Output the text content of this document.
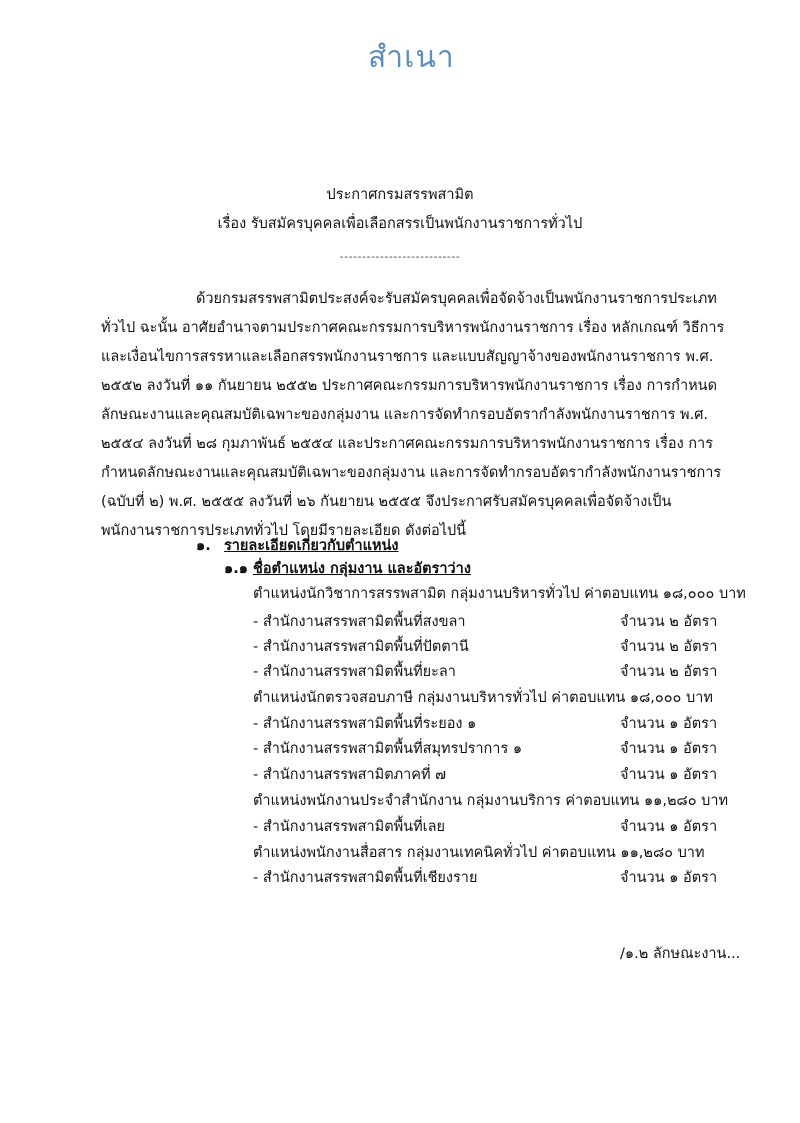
สำเนา
ประกาศกรมสรรพสามิต
เรื่อง รับสมัครบุคคลเพื่อเลือกสรรเป็นพนักงานราชการทั่วไป
---------------------------
ด้วยกรมสรรพสามิตประสงค์จะรับสมัครบุคคลเพื่อจัดจ้างเป็นพนักงานราชการประเภท
ทั่วไป ฉะนั้น อาศัยอำนาจตามประกาศคณะกรรมการบริหารพนักงานราชการ เรื่อง หลักเกณฑ์ วิธีการ
และเงื่อนไขการสรรหาและเลือกสรรพนักงานราชการ และแบบสัญญาจ้างของพนักงานราชการ พ.ศ.
๒๕๕๒ ลงวันที่ ๑๑ กันยายน ๒๕๕๒ ประกาศคณะกรรมการบริหารพนักงานราชการ เรื่อง การกำหนด
ลักษณะงานและคุณสมบัติเฉพาะของกลุ่มงาน และการจัดทำกรอบอัตรากำลังพนักงานราชการ พ.ศ.
๒๕๕๔ ลงวันที่ ๒๘ กุมภาพันธ์ ๒๕๕๔ และประกาศคณะกรรมการบริหารพนักงานราชการ เรื่อง การ
กำหนดลักษณะงานและคุณสมบัติเฉพาะของกลุ่มงาน และการจัดทำกรอบอัตรากำลังพนักงานราชการ
(ฉบับที่ ๒) พ.ศ. ๒๕๕๕ ลงวันที่ ๒๖ กันยายน ๒๕๕๕ จึงประกาศรับสมัครบุคคลเพื่อจัดจ้างเป็น
พนักงานราชการประเภททั่วไป โดยมีรายละเอียด ดังต่อไปนี้
๑. รายละเอียดเกี่ยวกับตำแหน่ง
๑.๑ ชื่อตำแหน่ง กลุ่มงาน และอัตราว่าง
ตำแหน่งนักวิชาการสรรพสามิต กลุ่มงานบริหารทั่วไป ค่าตอบแทน ๑๘,๐๐๐ บาท
- สำนักงานสรรพสามิตพื้นที่สงขลา	จำนวน ๒ อัตรา
- สำนักงานสรรพสามิตพื้นที่ปัตตานี	จำนวน ๒ อัตรา
- สำนักงานสรรพสามิตพื้นที่ยะลา	จำนวน ๒ อัตรา
ตำแหน่งนักตรวจสอบภาษี กลุ่มงานบริหารทั่วไป ค่าตอบแทน ๑๘,๐๐๐ บาท
- สำนักงานสรรพสามิตพื้นที่ระยอง ๑	จำนวน ๑ อัตรา
- สำนักงานสรรพสามิตพื้นที่สมุทรปราการ ๑	จำนวน ๑ อัตรา
- สำนักงานสรรพสามิตภาคที่ ๗	จำนวน ๑ อัตรา
ตำแหน่งพนักงานประจำสำนักงาน กลุ่มงานบริการ ค่าตอบแทน ๑๑,๒๘๐ บาท
- สำนักงานสรรพสามิตพื้นที่เลย	จำนวน ๑ อัตรา
ตำแหน่งพนักงานสื่อสาร กลุ่มงานเทคนิคทั่วไป ค่าตอบแทน ๑๑,๒๘๐ บาท
- สำนักงานสรรพสามิตพื้นที่เชียงราย	จำนวน ๑ อัตรา
/๑.๒ ลักษณะงาน...
